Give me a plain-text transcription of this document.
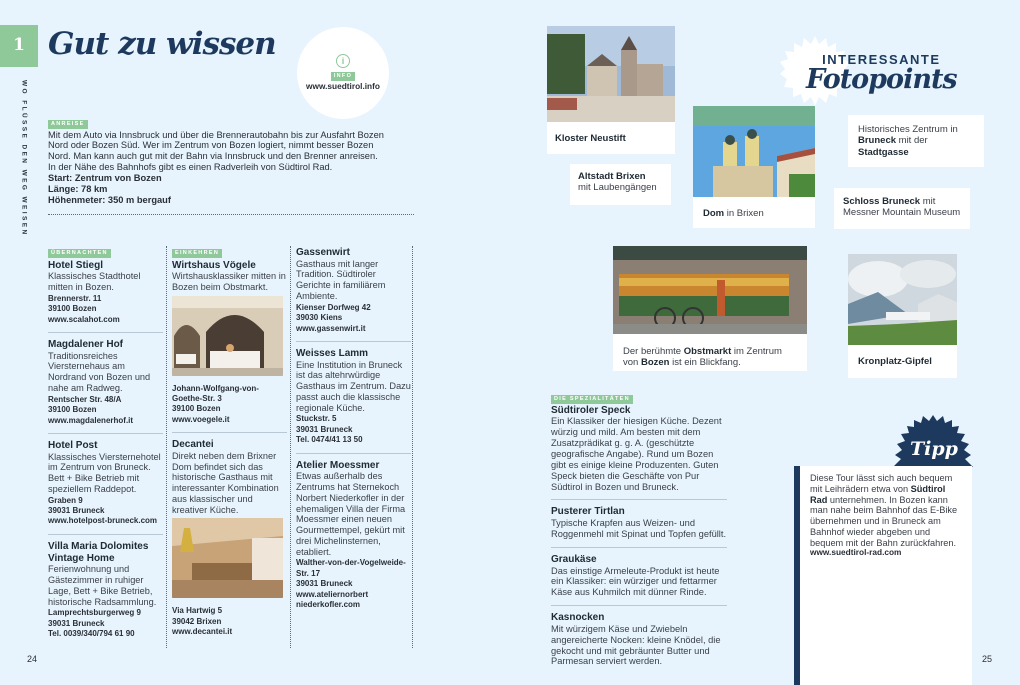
1
WO FLÜSSE DEN WEG WEISEN
Gut zu wissen	i
INFO
www.suedtirol.info
ANREISE

Mit dem Auto via Innsbruck und über die Brennerautobahn bis zur Ausfahrt Bozen Nord oder Bozen Süd. Wer im Zentrum von Bozen logiert, nimmt besser Bozen Nord. Man kann auch gut mit der Bahn via Innsbruck und den Brenner anreisen. In der Nähe des Bahnhofs gibt es einen Radverleih von Südtirol Rad.

Start: Zentrum von Bozen

Länge: 78 km

Höhenmeter: 350 m bergauf

ÜBERNACHTEN
Hotel Stiegl

Klassisches Stadthotel mitten in Bozen.

Brennerstr. 11
39100 Bozen
www.scalahot.com
Magdalener Hof

Traditionsreiches Viersternehaus am Nordrand von Bozen und nahe am Radweg.

Rentscher Str. 48/A
39100 Bozen
www.magdalenerhof.it
Hotel Post

Klassisches Viersternehotel im Zentrum von Bruneck. Bett + Bike Betrieb mit speziellem Raddepot.

Graben 9
39031 Bruneck
www.hotelpost-bruneck.com
Villa Maria Dolomites Vintage Home

Ferienwohnung und Gästezimmer in ruhiger Lage, Bett + Bike Betrieb, historische Radsammlung.

Lamprechtsburgerweg 9
39031 Bruneck
Tel. 0039/340/794 61 90
EINKEHREN
Wirtshaus Vögele

Wirtshausklassiker mitten in Bozen beim Obstmarkt.

Johann-Wolfgang-von-Goethe-Str. 3
39100 Bozen
www.voegele.it
Decantei

Direkt neben dem Brixner Dom befindet sich das historische Gasthaus mit interessanter Kombination aus klassischer und kreativer Küche.

Via Hartwig 5
39042 Brixen
www.decantei.it
Gassenwirt

Gasthaus mit langer Tradition. Südtiroler Gerichte in familiärem Ambiente.

Kienser Dorfweg 42
39030 Kiens
www.gassenwirt.it
Weisses Lamm

Eine Institution in Bruneck ist das altehrwürdige Gasthaus im Zentrum. Dazu passt auch die klassische regionale Küche.

Stuckstr. 5
39031 Bruneck
Tel. 0474/41 13 50
Atelier Moessmer

Etwas außerhalb des Zentrums hat Sternekoch Norbert Niederkofler in der ehemaligen Villa der Firma Moessmer einen neuen Gourmettempel, gekürt mit drei Michelinsternen, etabliert.

Walther-von-der-Vogelweide-Str. 17
39031 Bruneck
www.ateliernorbert niederkofler.com
24
Kloster Neustift
Altstadt Brixen
mit Laubengängen
Dom in Brixen
INTERESSANTE
Fotopoints
Historisches Zentrum in Bruneck mit der Stadtgasse
Schloss Bruneck mit Messner Mountain Museum
Der berühmte Obstmarkt im Zentrum von Bozen ist ein Blickfang.	Kronplatz-Gipfel
DIE SPEZIALITÄTEN
Südtiroler Speck

Ein Klassiker der hiesigen Küche. Dezent würzig und mild. Am besten mit dem Zusatzprädikat g. g. A. (geschützte geografische Angabe). Rund um Bozen gibt es einige kleine Produzenten. Guten Speck bieten die Geschäfte von Pur Südtirol in Bozen und Bruneck.

Pusterer Tirtlan

Typische Krapfen aus Weizen- und Roggenmehl mit Spinat und Topfen gefüllt.

Graukäse

Das einstige Armeleute-Produkt ist heute ein Klassiker: ein würziger und fettarmer Käse aus Kuhmilch mit dünner Rinde.

Kasnocken

Mit würzigem Käse und Zwiebeln angereicherte Nocken: kleine Knödel, die gekocht und mit gebräunter Butter und Parmesan serviert werden.

Tipp

Diese Tour lässt sich auch bequem mit Leihrädern etwa von Südtirol Rad unternehmen. In Bozen kann man nahe beim Bahnhof das E-Bike übernehmen und in Bruneck am Bahnhof wieder abgeben und bequem mit der Bahn zurückfahren.

www.suedtirol-rad.com

25
